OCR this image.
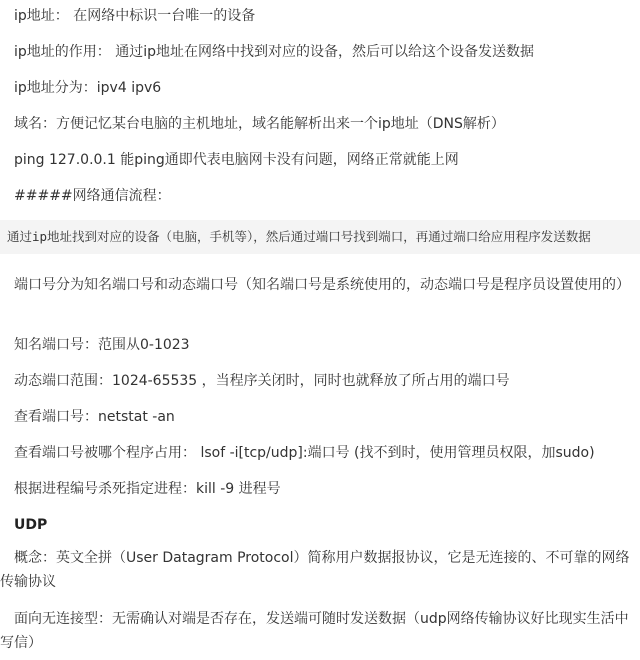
ip地址： 在网络中标识一台唯一的设备

ip地址的作用： 通过ip地址在网络中找到对应的设备，然后可以给这个设备发送数据

ip地址分为：ipv4 ipv6

域名：方便记忆某台电脑的主机地址，域名能解析出来一个ip地址（DNS解析）

ping 127.0.0.1 能ping通即代表电脑网卡没有问题，网络正常就能上网

#####网络通信流程：

通过ip地址找到对应的设备（电脑，手机等），然后通过端口号找到端口，再通过端口给应用程序发送数据

端口号分为知名端口号和动态端口号（知名端口号是系统使用的，动态端口号是程序员设置使用的）

知名端口号：范围从0-1023

动态端口范围：1024-65535 ，当程序关闭时，同时也就释放了所占用的端口号

查看端口号：netstat -an

查看端口号被哪个程序占用： lsof -i[tcp/udp]:端口号 (找不到时，使用管理员权限，加sudo)

根据进程编号杀死指定进程：kill -9 进程号

UDP

概念：英文全拼（User Datagram Protocol）简称用户数据报协议，它是无连接的、不可靠的网络传输协议

面向无连接型：无需确认对端是否存在，发送端可随时发送数据（udp网络传输协议好比现实生活中写信）
